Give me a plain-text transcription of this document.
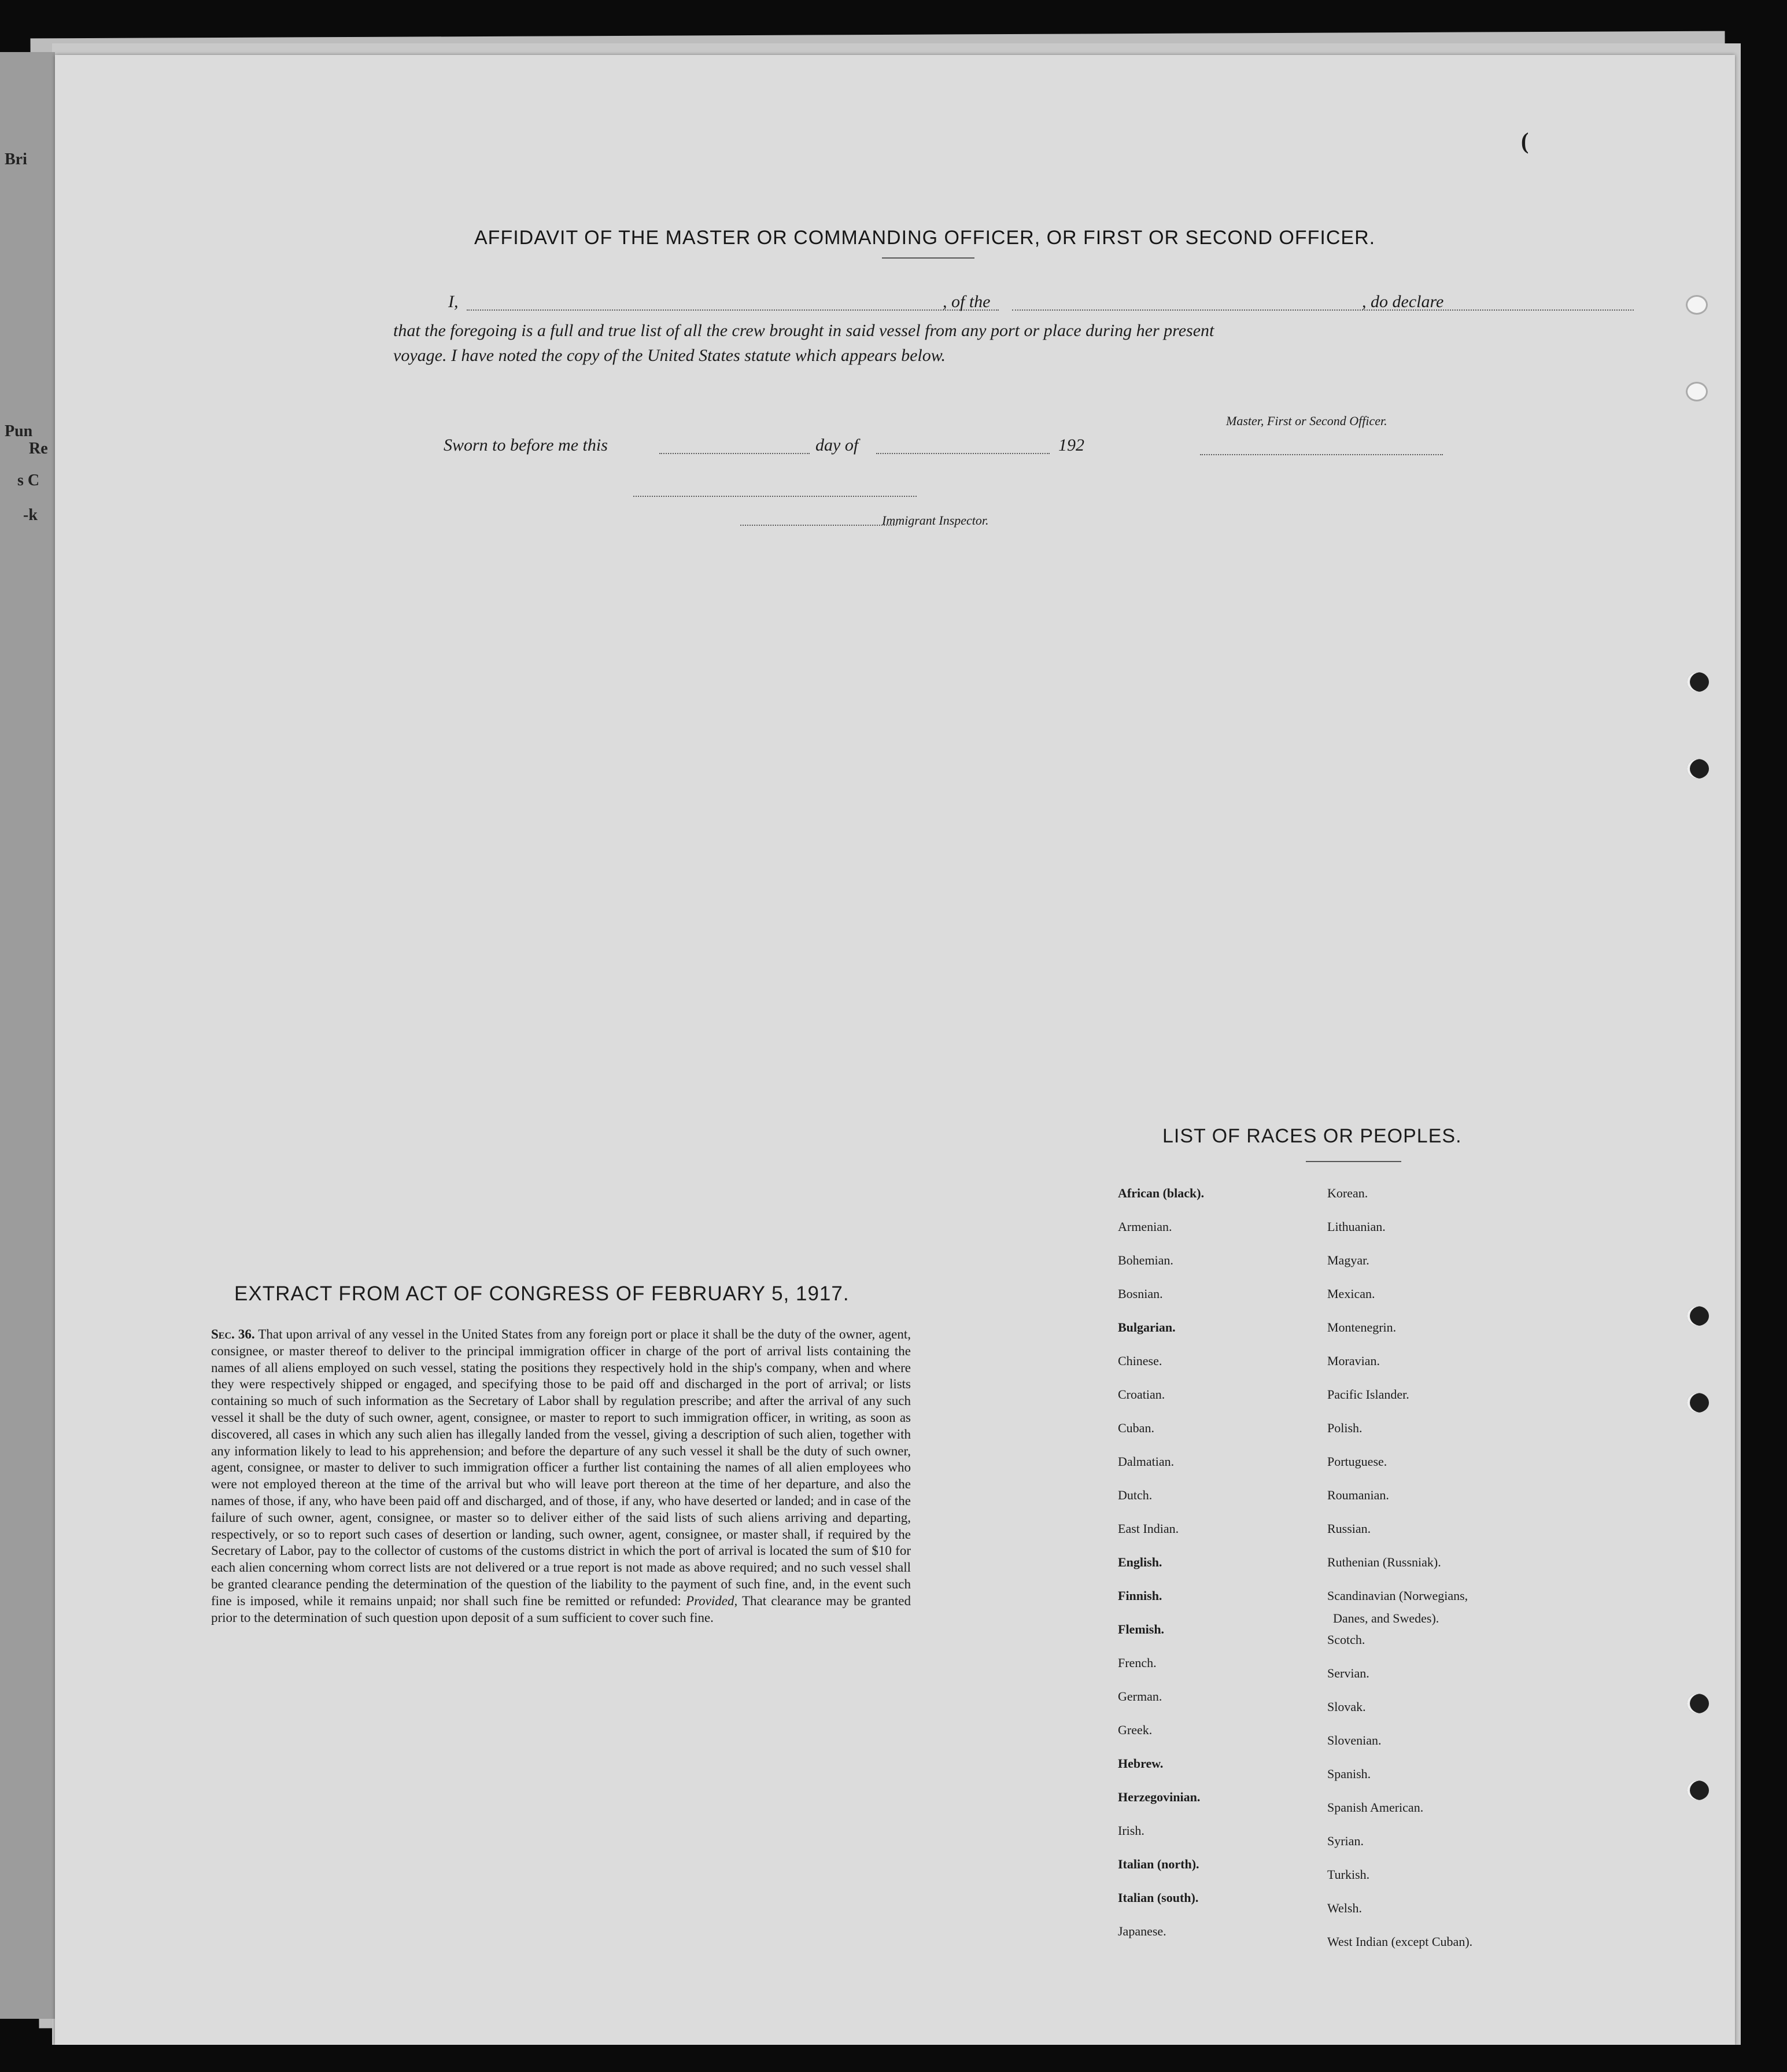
Bri
Pun
Re
s C
-k
(
AFFIDAVIT OF THE MASTER OR COMMANDING OFFICER, OR FIRST OR SECOND OFFICER.
I,	, of the	, do declare
that the foregoing is a full and true list of all the crew brought in said vessel from any port or place during her present
voyage. I have noted the copy of the United States statute which appears below.
Master, First or Second Officer.
Sworn to before me this	day of	192
Immigrant Inspector.
EXTRACT FROM ACT OF CONGRESS OF FEBRUARY 5, 1917.
Sec. 36. That upon arrival of any vessel in the United States from any foreign port or place it shall be the duty of the owner, agent, consignee, or master thereof to deliver to the principal immigration officer in charge of the port of arrival lists containing the names of all aliens employed on such vessel, stating the positions they respectively hold in the ship's company, when and where they were respectively shipped or engaged, and specifying those to be paid off and discharged in the port of arrival; or lists containing so much of such information as the Secretary of Labor shall by regulation prescribe; and after the arrival of any such vessel it shall be the duty of such owner, agent, consignee, or master to report to such immigration officer, in writing, as soon as discovered, all cases in which any such alien has illegally landed from the vessel, giving a description of such alien, together with any information likely to lead to his apprehension; and before the departure of any such vessel it shall be the duty of such owner, agent, consignee, or master to deliver to such immigration officer a further list containing the names of all alien employees who were not employed thereon at the time of the arrival but who will leave port thereon at the time of her departure, and also the names of those, if any, who have been paid off and discharged, and of those, if any, who have deserted or landed; and in case of the failure of such owner, agent, consignee, or master so to deliver either of the said lists of such aliens arriving and departing, respectively, or so to report such cases of desertion or landing, such owner, agent, consignee, or master shall, if required by the Secretary of Labor, pay to the collector of customs of the customs district in which the port of arrival is located the sum of $10 for each alien concerning whom correct lists are not delivered or a true report is not made as above required; and no such vessel shall be granted clearance pending the determination of the question of the liability to the payment of such fine, and, in the event such fine is imposed, while it remains unpaid; nor shall such fine be remitted or refunded: Provided, That clearance may be granted prior to the determination of such question upon deposit of a sum sufficient to cover such fine.
LIST OF RACES OR PEOPLES.
African (black).
Armenian.
Bohemian.
Bosnian.
Bulgarian.
Chinese.
Croatian.
Cuban.
Dalmatian.
Dutch.
East Indian.
English.
Finnish.
Flemish.
French.
German.
Greek.
Hebrew.
Herzegovinian.
Irish.
Italian (north).
Italian (south).
Japanese.
Korean.
Lithuanian.
Magyar.
Mexican.
Montenegrin.
Moravian.
Pacific Islander.
Polish.
Portuguese.
Roumanian.
Russian.
Ruthenian (Russniak).
Scandinavian (Norwegians,
Scotch.
Servian.
Slovak.
Slovenian.
Spanish.
Spanish American.
Syrian.
Turkish.
Welsh.
West Indian (except Cuban).
Danes, and Swedes).
